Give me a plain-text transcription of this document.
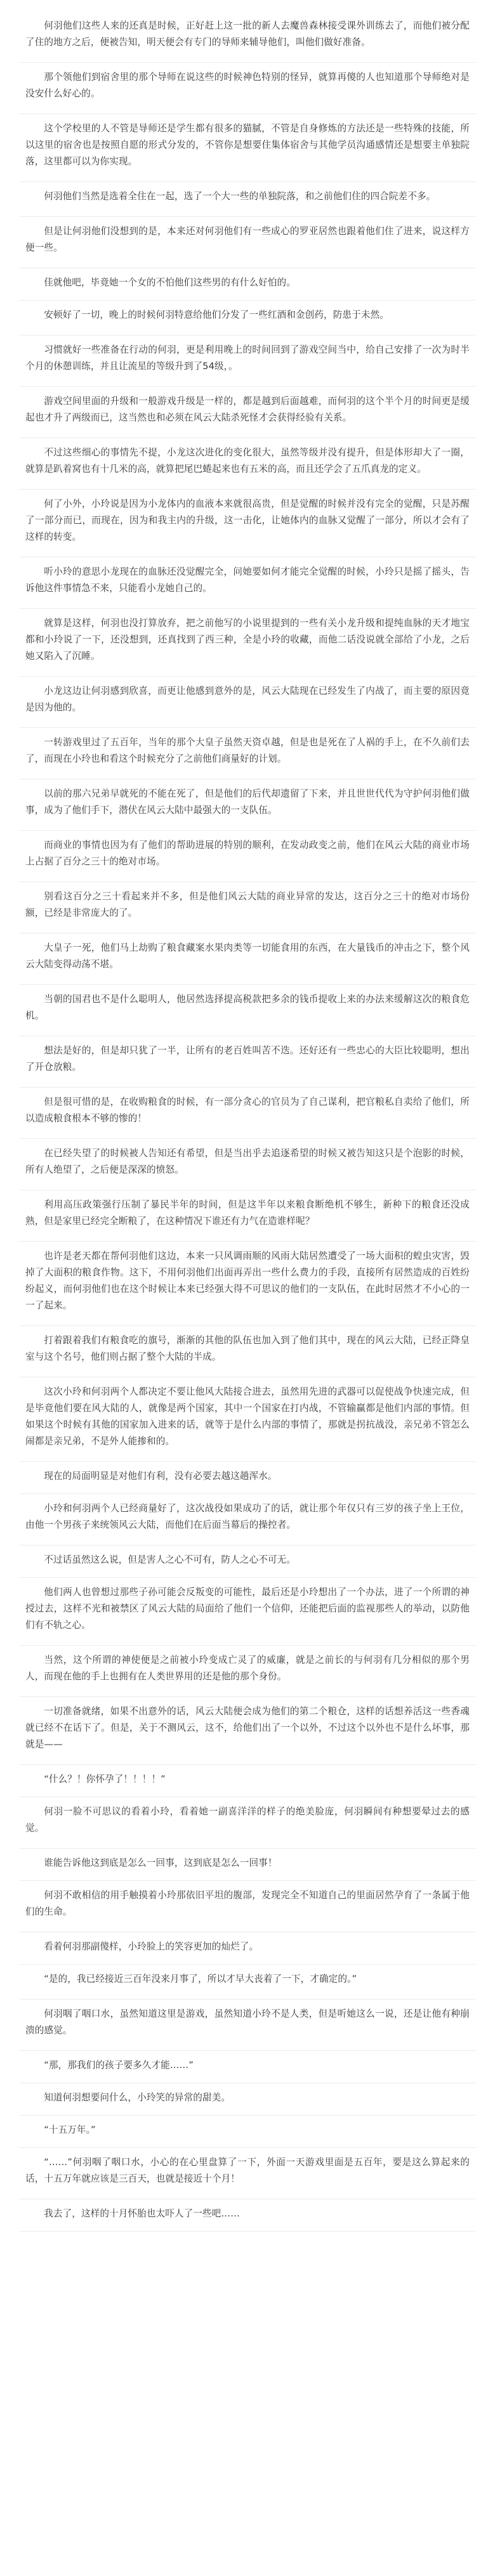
何羽他们这些人来的还真是时候，正好赶上这一批的新人去魔兽森林接受课外训练去了，而他们被分配了住的地方之后，便被告知，明天便会有专门的导师来辅导他们，叫他们做好准备。

那个领他们到宿舍里的那个导师在说这些的时候神色特别的怪异，就算再傻的人也知道那个导师绝对是没安什么好心的。

这个学校里的人不管是导师还是学生都有很多的猫腻，不管是自身修炼的方法还是一些特殊的技能，所以这里的宿舍也是按照自愿的形式分发的，不管你是想要住集体宿舍与其他学员沟通感情还是想要主单独院落，这里都可以为你实现。

何羽他们当然是选着全住在一起，选了一个大一些的单独院落，和之前他们住的四合院差不多。

但是让何羽他们没想到的是，本来还对何羽他们有一些成心的罗亚居然也跟着他们住了进来，说这样方便一些。

佳就他吧，毕竟她一个女的不怕他们这些男的有什么好怕的。

安顿好了一切，晚上的时候何羽特意给他们分发了一些红酒和金创药，防患于未然。

习惯就好一些准备在行动的何羽，更是利用晚上的时间回到了游戏空间当中，给自己安排了一次为时半个月的休憩训练，并且让流星的等级升到了54级，。

游戏空间里面的升级和一般游戏升级是一样的，都是越到后面越难，而何羽的这个半个月的时间更是缓起也才升了两级而已，这当然也和必须在风云大陆杀死怪才会获得经验有关系。

不过这些细心的事情先不提，小龙这次进化的变化很大，虽然等级并没有提升，但是体形却大了一圈，就算是趴着窝也有十几米的高，就算把尾巴蜷起来也有五米的高，而且还学会了五爪真龙的定义。

何了小外，小玲说是因为小龙体内的血液本来就很高贵，但是觉醒的时候并没有完全的觉醒，只是苏醒了一部分而已，而现在，因为和我主内的升级，这一击化，让她体内的血脉又觉醒了一部分，所以才会有了这样的转变。

听小玲的意思小龙现在的血脉还没觉醒完全，问她要如何才能完全觉醒的时候，小玲只是摇了摇头，告诉他这件事情急不来，只能看小龙她自己的。

就算是这样，何羽也没打算放弃，把之前他写的小说里提到的一些有关小龙升级和提纯血脉的天才地宝都和小玲说了一下，还没想到，还真找到了西三种，全是小玲的收藏，而他二话没说就全部给了小龙，之后她又陷入了沉睡。

小龙这边让何羽感到欣喜，而更让他感到意外的是，风云大陆现在已经发生了内战了，而主要的原因竟是因为他的。

一转游戏里过了五百年，当年的那个大皇子虽然天资卓越，但是也是死在了人祸的手上，在不久前们去了，而现在小玲也和看这个时候充分了之前他们商量好的计划。

以前的那六兄弟早就死的不能在死了，但是他们的后代却遗留了下来，并且世世代代为守护何羽他们做事，成为了他们手下，潜伏在风云大陆中最强大的一支队伍。

而商业的事情也因为有了他们的帮助进展的特别的顺利，在发动政变之前，他们在风云大陆的商业市场上占据了百分之三十的绝对市场。

别看这百分之三十看起来并不多，但是他们风云大陆的商业异常的发达，这百分之三十的绝对市场份额，已经是非常庞大的了。

大皇子一死，他们马上劫购了粮食藏案水果肉类等一切能食用的东西，在大量钱币的冲击之下，整个风云大陆变得动荡不堪。

当朝的国君也不是什么聪明人，他居然选择提高税款把多余的钱币提收上来的办法来缓解这次的粮食危机。

想法是好的，但是却只犹了一半，让所有的老百姓叫苦不迭。还好还有一些忠心的大臣比较聪明，想出了开仓放粮。

但是很可惜的是，在收购粮食的时候，有一部分贪心的官员为了自己谋利，把官粮私自卖给了他们，所以造成粮食根本不够的惨的！

在已经失望了的时候被人告知还有希望，但是当出乎去追逐希望的时候又被告知这只是个泡影的时候，所有人绝望了，之后便是深深的愤怒。

利用高压政策强行压制了暴民半年的时间，但是这半年以来粮食断绝机不够生，新种下的粮食还没成熟，但是家里已经完全断粮了，在这种情况下谁还有力气在造谁样呢？

也许是老天都在帮何羽他们这边，本来一只风调雨顺的风雨大陆居然遭受了一场大面积的蝗虫灾害，毁掉了大面积的粮食作物。这下，不用何羽他们出面再弄出一些什么费力的手段，直接所有居然造成的百姓纷纷起义，而何羽他们也在这个时候让本来已经强大得不可思议的他们的一支队伍，在此时居然才不小心的一一了起来。

打着跟着我们有粮食吃的旗号，渐渐的其他的队伍也加入到了他们其中，现在的风云大陆，已经正降皇室与这个名号，他们则占据了整个大陆的半成。

这次小玲和何羽两个人都决定不要让他风大陆接合进去，虽然用先进的武器可以促使战争快速完成，但是毕竟他们要在风大陆的人，就像是两个国家，其中一个国家在打内战，不管输赢都是他们内部的事情。但如果这个时候有其他的国家加入进来的话，就等于是什么内部的事情了，那就是拐抗战没，亲兄弟不管怎么闹都是亲兄弟，不是外人能掺和的。

现在的局面明显是对他们有利，没有必要去越这趟浑水。

小玲和何羽两个人已经商量好了，这次战役如果成功了的话，就让那个年仅只有三岁的孩子坐上王位，由他一个男孩子来统领风云大陆，而他们在后面当幕后的操控者。

不过话虽然这么说，但是害人之心不可有，防人之心不可无。

他们两人也曾想过那些子孙可能会反叛变的可能性，最后还是小玲想出了一个办法，进了一个所谓的神授过去，这样不光和被禁区了风云大陆的局面给了他们一个信仰，还能把后面的监视那些人的举动，以防他们有不轨之心。

当然，这个所谓的神使便是之前被小玲变成亡灵了的威廉，就是之前长的与何羽有几分相似的那个男人，而现在他的手上也拥有在人类世界用的还是他的那个身份。

一切准备就绪，如果不出意外的话，风云大陆便会成为他们的第二个粮仓，这样的话想养活这一些香魂就已经不在话下了。但是，关于不测风云，这不，给他们出了一个以外，不过这个以外也不是什么坏事，那就是——

“什么？！你怀孕了！！！！”

何羽一脸不可思议的看着小玲，看着她一副喜洋洋的样子的绝美脸庞，何羽瞬间有种想要晕过去的感觉。

谁能告诉他这到底是怎么一回事，这到底是怎么一回事！

何羽不敢相信的用手触摸着小玲那依旧平坦的腹部，发现完全不知道自己的里面居然孕育了一条属于他们的生命。

看着何羽那副傻样，小玲脸上的笑容更加的灿烂了。

“是的，我已经接近三百年没来月事了，所以才早大丧着了一下，才确定的。”

何羽咽了咽口水，虽然知道这里是游戏，虽然知道小玲不是人类，但是听她这么一说，还是让他有种崩溃的感觉。

“那，那我们的孩子要多久才能……”

知道何羽想要问什么，小玲笑的异常的甜美。

“十五万年。”

“……”何羽咽了咽口水，小心的在心里盘算了一下，外面一天游戏里面是五百年，要是这么算起来的话，十五万年就应该是三百天，也就是接近十个月！

我去了，这样的十月怀胎也太吓人了一些吧……
